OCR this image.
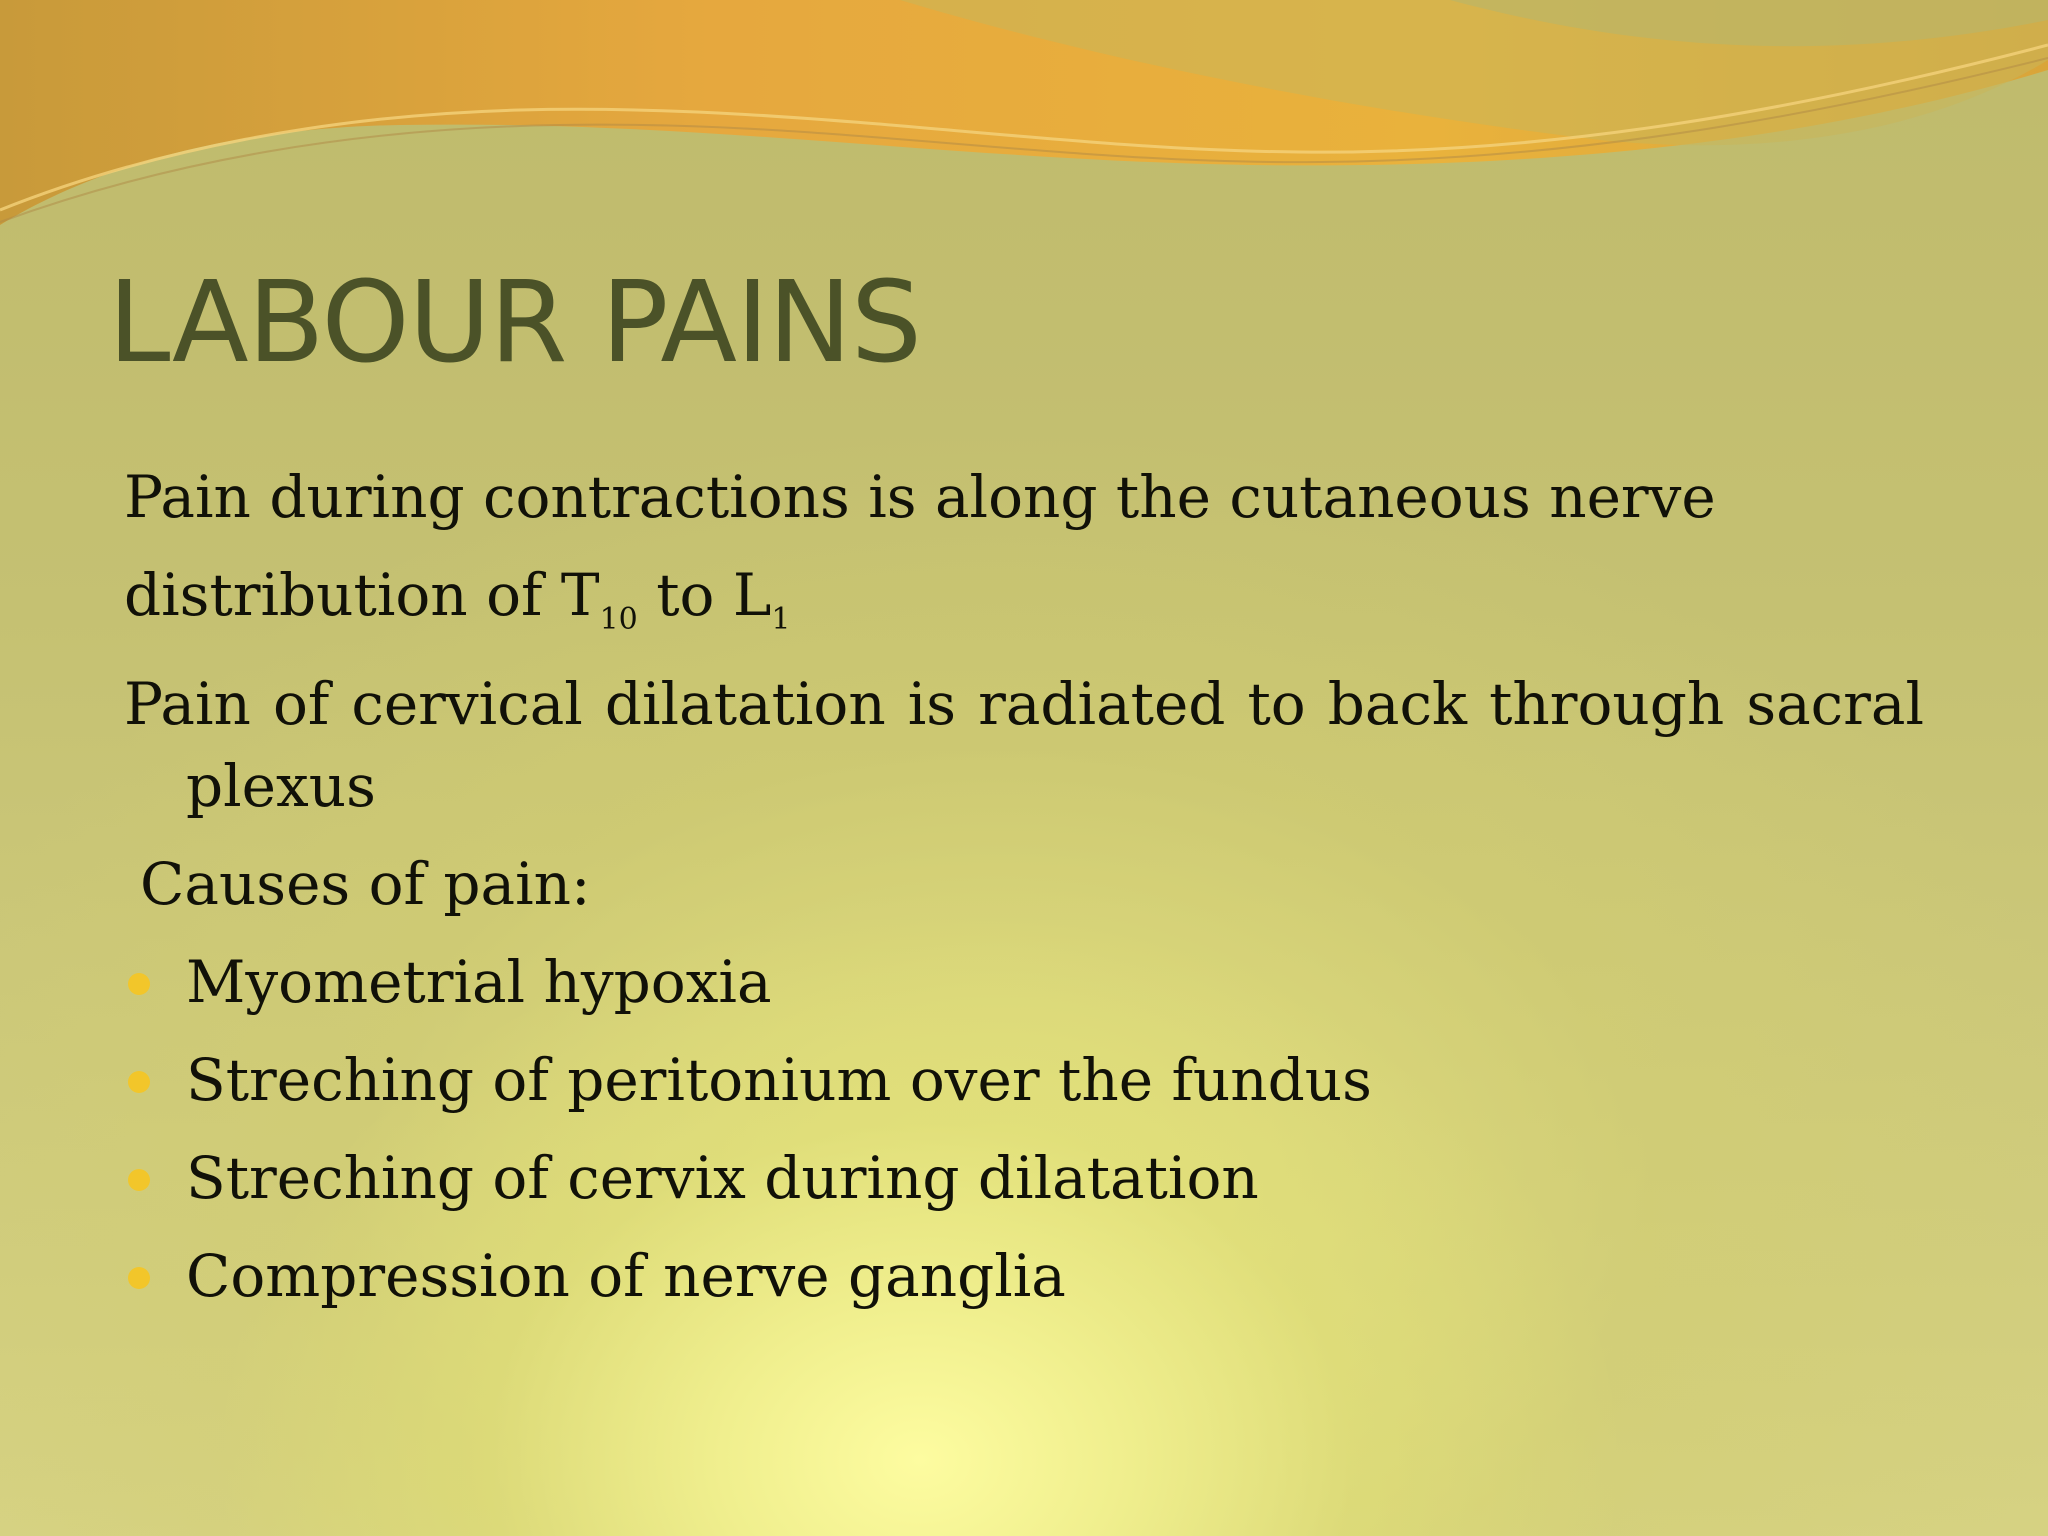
LABOUR PAINS

Pain during contractions is along the cutaneous nerve

distribution of $T_{10}$ to $L_1$

Pain of cervical dilatation is radiated to back through sacral plexus

Causes of pain:

Myometrial hypoxia
Streching of peritonium over the fundus
Streching of cervix during dilatation
Compression of nerve ganglia
